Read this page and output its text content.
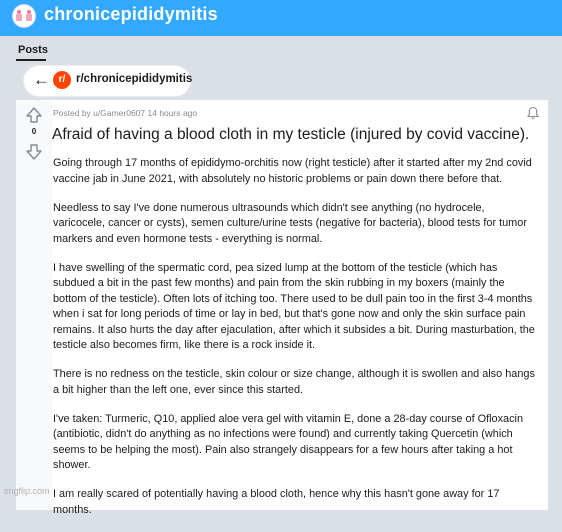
chronicepididymitis
Posts
← r/ r/chronicepididymitis
0
Posted by u/Gamer0607 14 hours ago
Afraid of having a blood cloth in my testicle (injured by covid vaccine).

Going through 17 months of epididymo-orchitis now (right testicle) after it started after my 2nd covid vaccine jab in June 2021, with absolutely no historic problems or pain down there before that.

Needless to say I've done numerous ultrasounds which didn't see anything (no hydrocele, varicocele, cancer or cysts), semen culture/urine tests (negative for bacteria), blood tests for tumor markers and even hormone tests - everything is normal.

I have swelling of the spermatic cord, pea sized lump at the bottom of the testicle (which has subdued a bit in the past few months) and pain from the skin rubbing in my boxers (mainly the bottom of the testicle). Often lots of itching too. There used to be dull pain too in the first 3-4 months when i sat for long periods of time or lay in bed, but that's gone now and only the skin surface pain remains. It also hurts the day after ejaculation, after which it subsides a bit. During masturbation, the testicle also becomes firm, like there is a rock inside it.

There is no redness on the testicle, skin colour or size change, although it is swollen and also hangs a bit higher than the left one, ever since this started.

I've taken: Turmeric, Q10, applied aloe vera gel with vitamin E, done a 28-day course of Ofloxacin (antibiotic, didn't do anything as no infections were found) and currently taking Quercetin (which seems to be helping the most). Pain also strangely disappears for a few hours after taking a hot shower.

I am really scared of potentially having a blood cloth, hence why this hasn't gone away for 17 months.

imgflip.com
